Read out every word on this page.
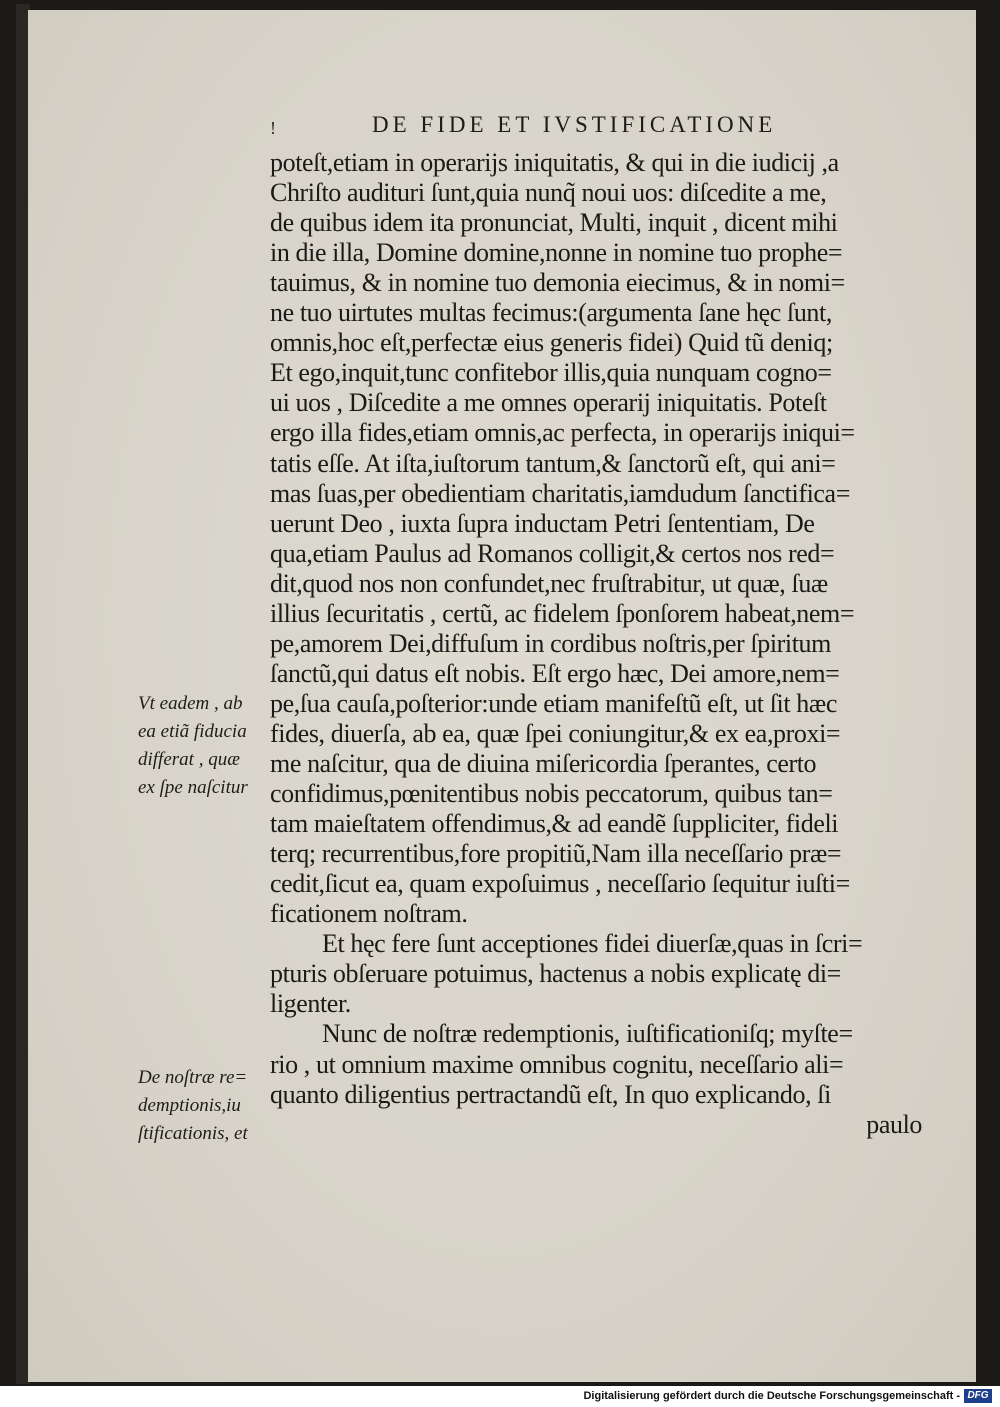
!	DE FIDE ET IVSTIFICATIONE
poteſt,etiam in operarijs iniquitatis, & qui in die iudicij ,a
Chriſto audituri ſunt,quia nunq̃ noui uos: diſcedite a me,
de quibus idem ita pronunciat, Multi, inquit , dicent mihi
in die illa, Domine domine,nonne in nomine tuo prophe=
tauimus, & in nomine tuo demonia eiecimus, & in nomi=
ne tuo uirtutes multas fecimus:(argumenta ſane hęc ſunt,
omnis,hoc eſt,perfectæ eius generis fidei) Quid tũ deniq;
Et ego,inquit,tunc confitebor illis,quia nunquam cogno=
ui uos , Diſcedite a me omnes operarij iniquitatis. Poteſt
ergo illa fides,etiam omnis,ac perfecta, in operarijs iniqui=
tatis eſſe. At iſta,iuſtorum tantum,& ſanctorũ eſt, qui ani=
mas ſuas,per obedientiam charitatis,iamdudum ſanctifica=
uerunt Deo , iuxta ſupra inductam Petri ſententiam, De
qua,etiam Paulus ad Romanos colligit,& certos nos red=
dit,quod nos non confundet,nec fruſtrabitur, ut quæ, ſuæ
illius ſecuritatis , certũ, ac fidelem ſponſorem habeat,nem=
pe,amorem Dei,diffuſum in cordibus noſtris,per ſpiritum
ſanctũ,qui datus eſt nobis. Eſt ergo hæc, Dei amore,nem=
pe,ſua cauſa,poſterior:unde etiam manifeſtũ eſt, ut ſit hæc
fides, diuerſa, ab ea, quæ ſpei coniungitur,& ex ea,proxi=
me naſcitur, qua de diuina miſericordia ſperantes, certo
confidimus,pœnitentibus nobis peccatorum, quibus tan=
tam maieſtatem offendimus,& ad eandẽ ſuppliciter, fideli
terq; recurrentibus,fore propitiũ,Nam illa neceſſario præ=
cedit,ſicut ea, quam expoſuimus , neceſſario ſequitur iuſti=
ficationem noſtram.
Et hęc fere ſunt acceptiones fidei diuerſæ,quas in ſcri=
pturis obſeruare potuimus, hactenus a nobis explicatę di=
ligenter.
Nunc de noſtræ redemptionis, iuſtificationiſq; myſte=
rio , ut omnium maxime omnibus cognitu, neceſſario ali=
quanto diligentius pertractandũ eſt, In quo explicando, ſi
paulo
Vt eadem , ab
ea etiã fiducia
differat , quæ
ex ſpe naſcitur
De noſtræ re=
demptionis,iu
ſtificationis, et
Digitalisierung gefördert durch die Deutsche Forschungsgemeinschaft - DFG
